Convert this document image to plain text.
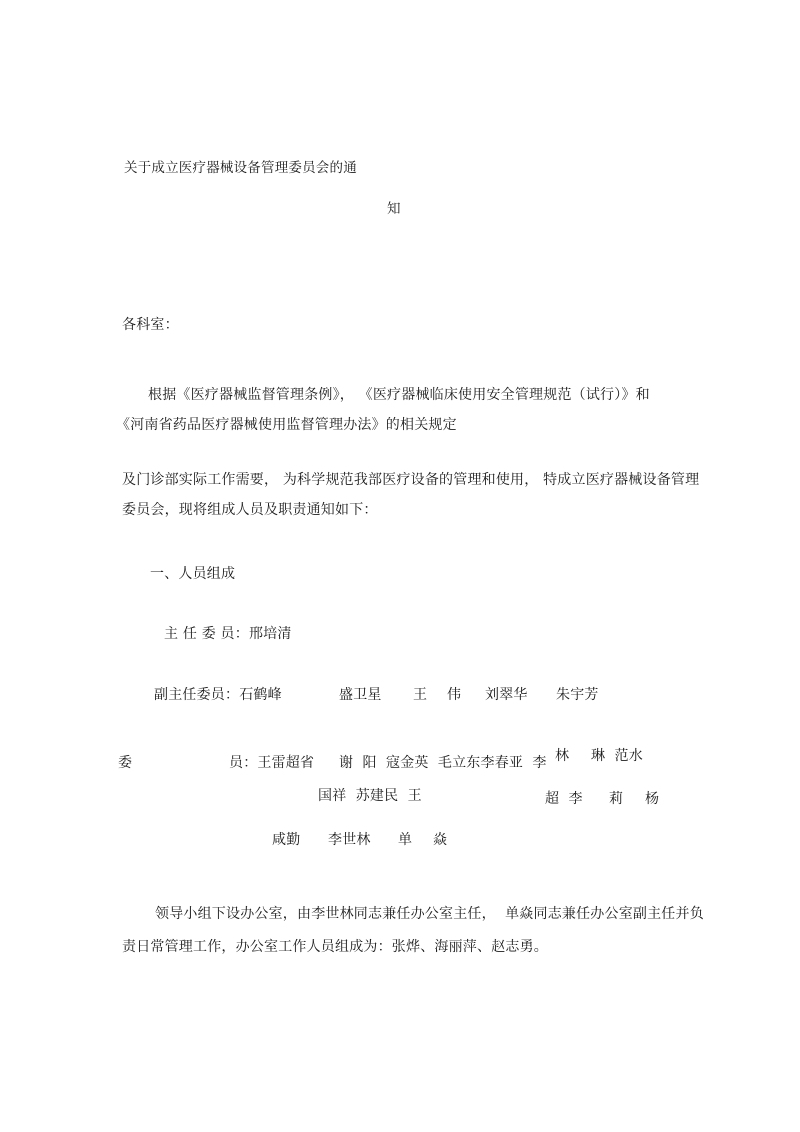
关于成立医疗器械设备管理委员会的通
知
各科室：
根据《医疗器械监督管理条例》， 《医疗器械临床使用安全管理规范（试行）》和
《河南省药品医疗器械使用监督管理办法》的相关规定
及门诊部实际工作需要， 为科学规范我部医疗设备的管理和使用， 特成立医疗器械设备管理
委员会，现将组成人员及职责通知如下：
一、人员组成
主 任 委 员：邢培清
副主任委员：石鹤峰	盛卫星 王 伟 刘翠华 朱宇芳
委	员：王雷超省 谢  阳  寇金英  毛立东李春亚  李 林 琳  范水
国祥  苏建民  王	超  李 莉 杨
咸勤 李世林 单 焱
领导小组下设办公室，由李世林同志兼任办公室主任，  单焱同志兼任办公室副主任并负
责日常管理工作，办公室工作人员组成为：张烨、海丽萍、赵志勇。
